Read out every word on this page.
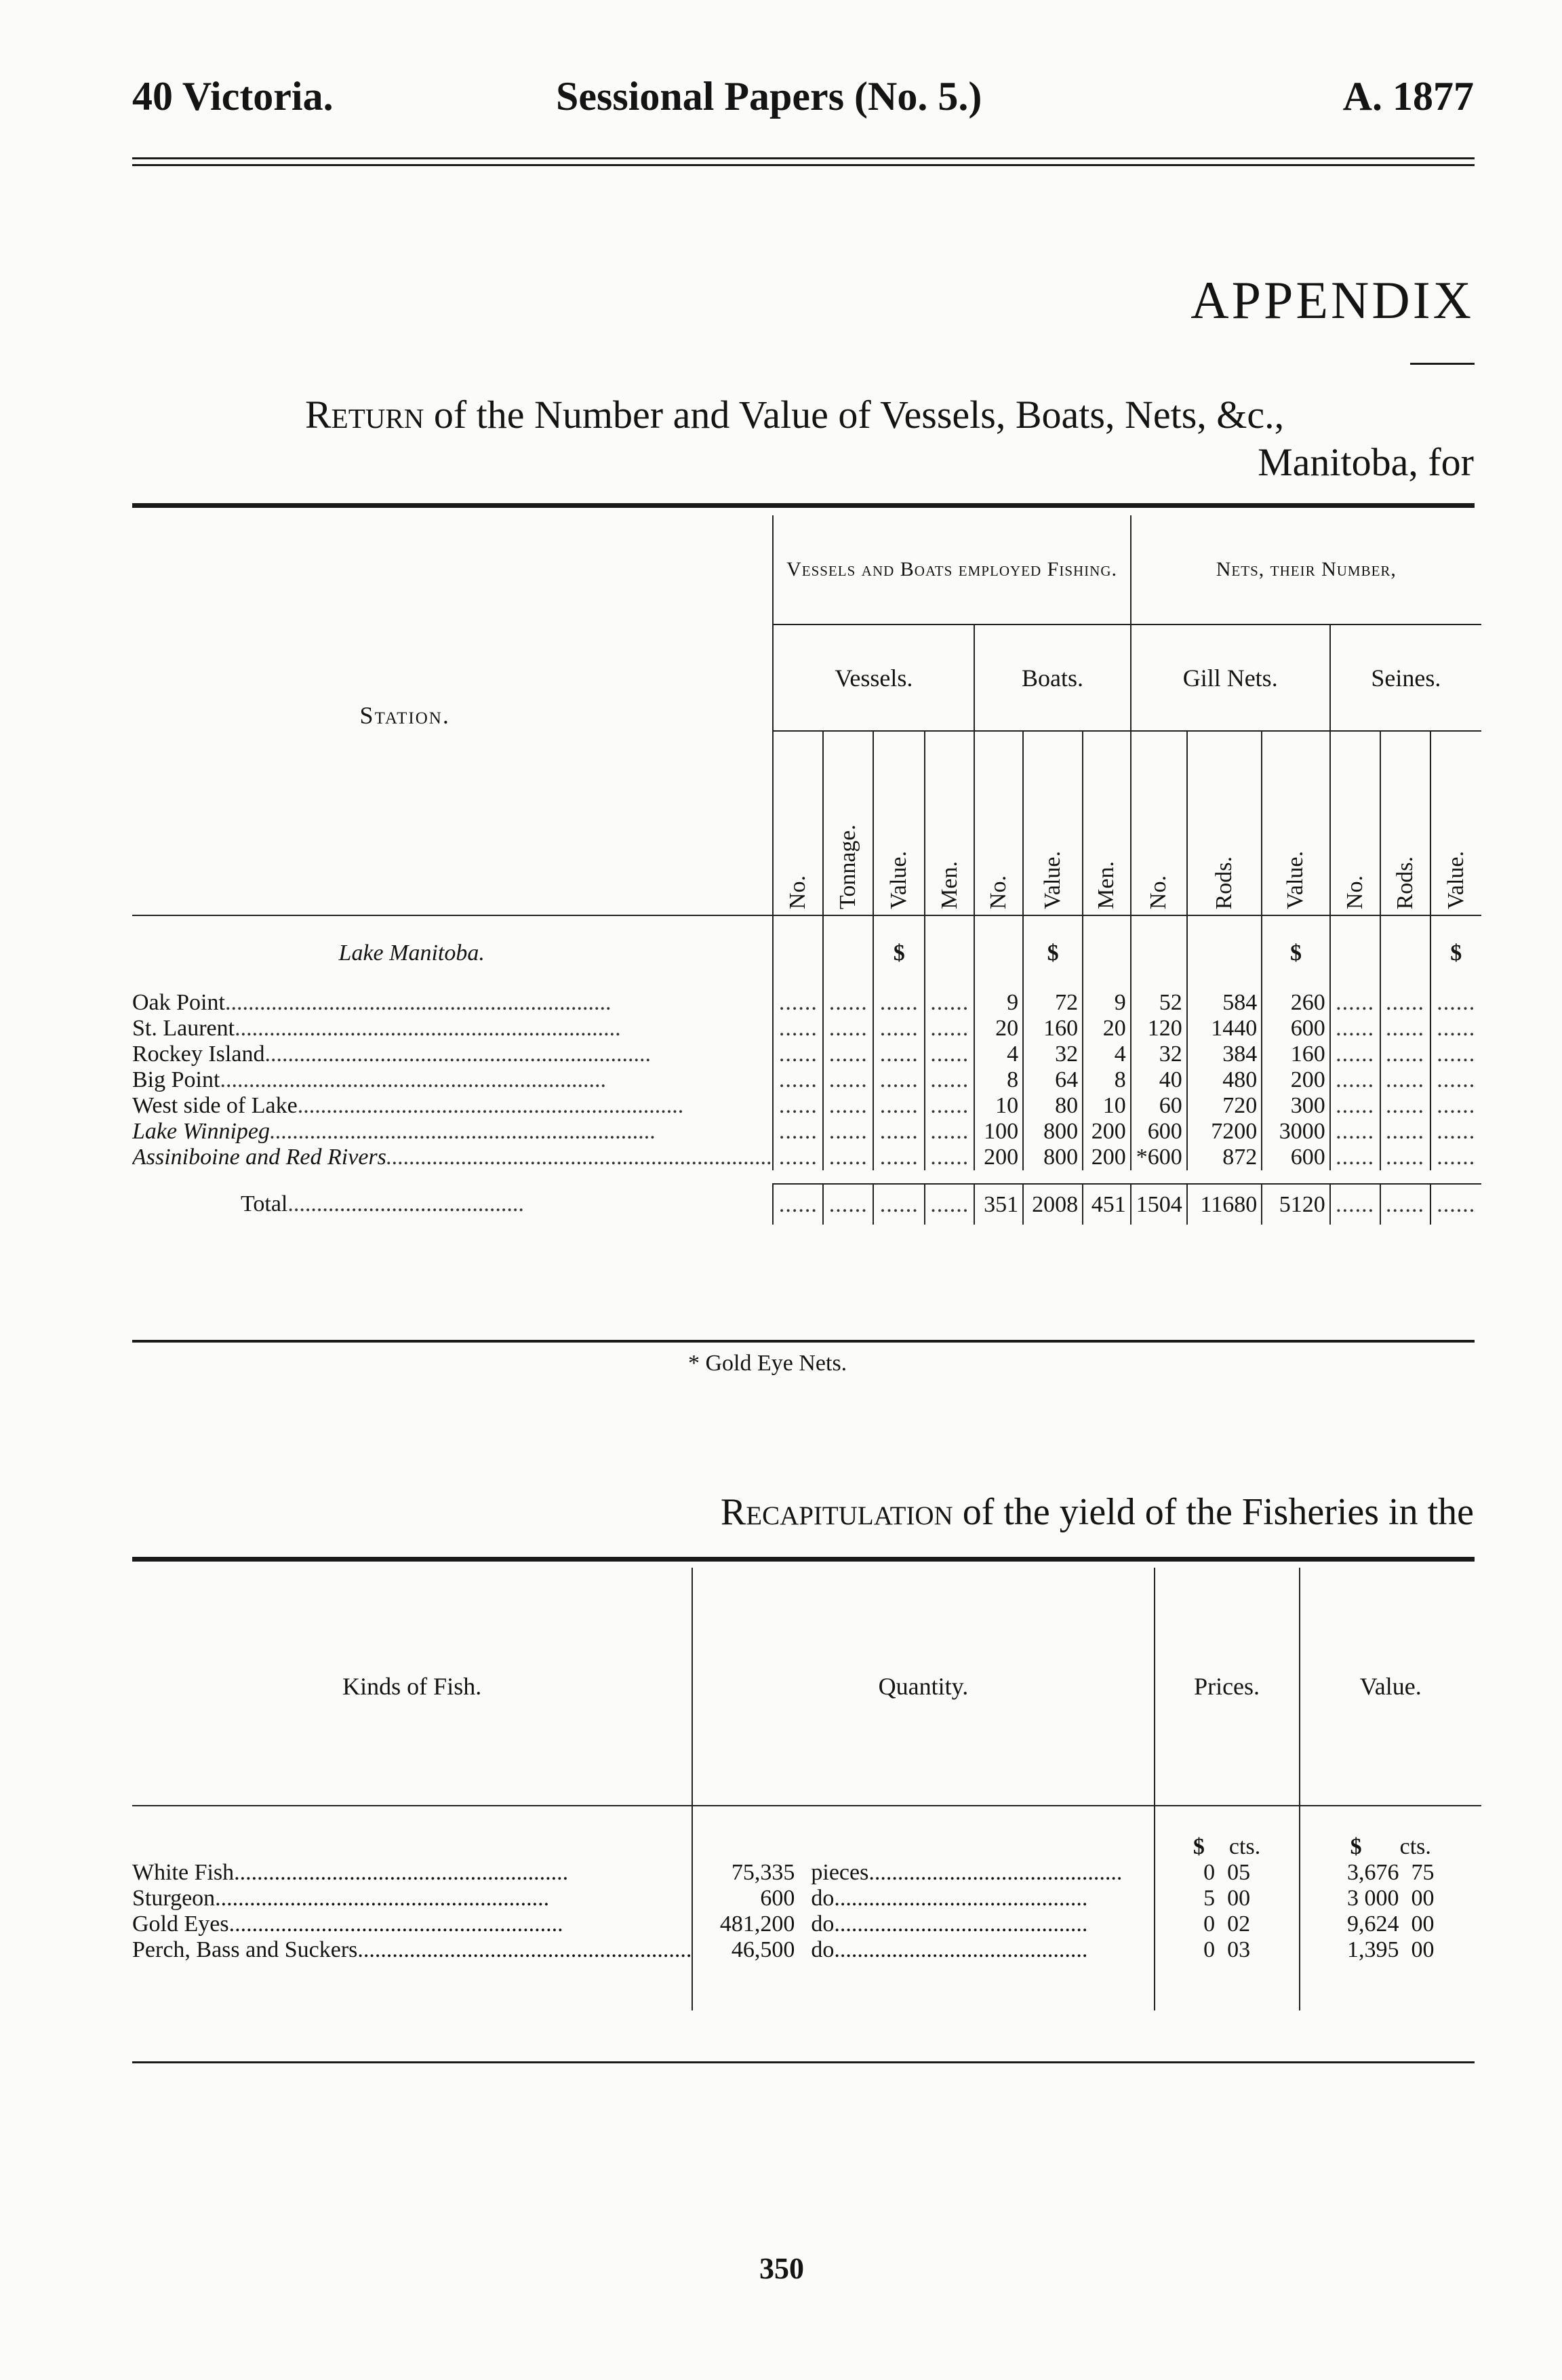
40 Victoria.	Sessional Papers (No. 5.)	A. 1877
APPENDIX
Return of the Number and Value of Vessels, Boats, Nets, &c.,
Manitoba, for
Station.	Vessels and Boats employed Fishing.							Nets, their Number,					
	Vessels.				Boats.			Gill Nets.			Seines.		

	No.	Tonnage.	Value.	Men.	No.	Value.	Men.	No.	Rods.	Value.	No.	Rods.	Value.

Lake Manitoba.			$			$				$			$
Oak Point...................................................................	......	......	......	......	9	72	9	52	584	260	......	......	......
St. Laurent...................................................................	......	......	......	......	20	160	20	120	1440	600	......	......	......
Rockey Island...................................................................	......	......	......	......	4	32	4	32	384	160	......	......	......
Big Point...................................................................	......	......	......	......	8	64	8	40	480	200	......	......	......
West side of Lake...................................................................	......	......	......	......	10	80	10	60	720	300	......	......	......
Lake Winnipeg...................................................................	......	......	......	......	100	800	200	600	7200	3000	......	......	......
Assiniboine and Red Rivers...................................................................	......	......	......	......	200	800	200	*600	872	600	......	......	......

Total.........................................	......	......	......	......	351	2008	451	1504	11680	5120	......	......	......
* Gold Eye Nets.
Recapitulation of the yield of the Fisheries in the
Kinds of Fish.	Quantity.	Prices.	Value.
		$ cts.	$ cts.
White Fish..........................................................	75,335 pieces............................................	0 05	3,676 75
Sturgeon..........................................................	600 do............................................	5 00	3 000 00
Gold Eyes..........................................................	481,200 do............................................	0 02	9,624 00
Perch, Bass and Suckers..........................................................	46,500 do............................................	0 03	1,395 00

350
